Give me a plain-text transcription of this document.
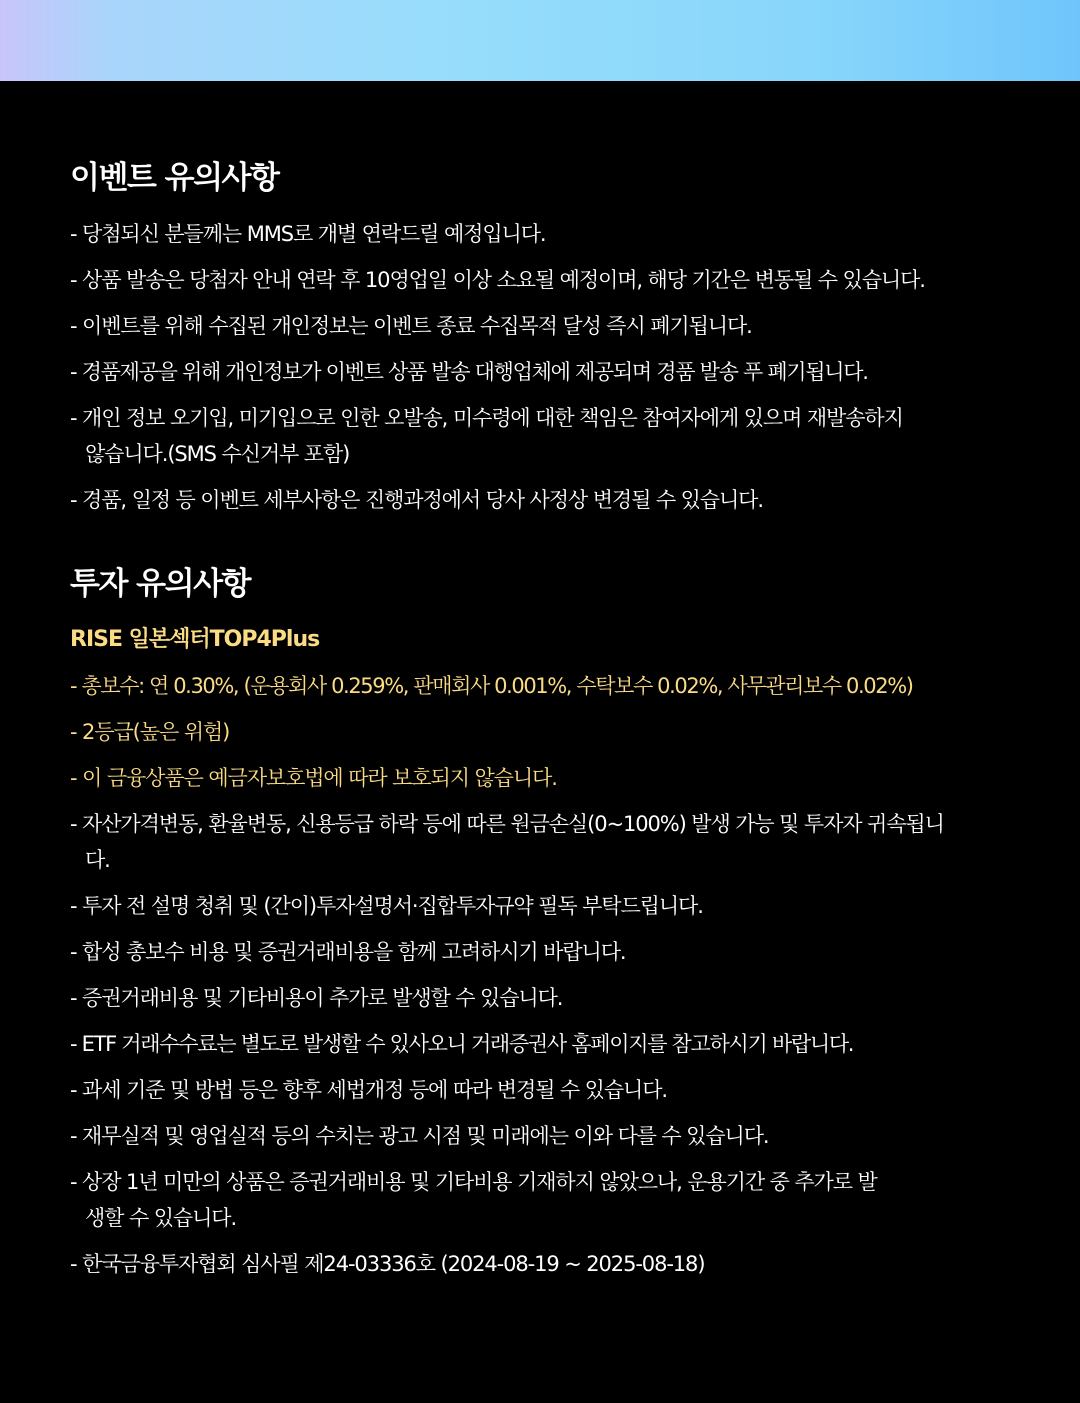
이벤트 유의사항
- 당첨되신 분들께는 MMS로 개별 연락드릴 예정입니다.
- 상품 발송은 당첨자 안내 연락 후 10영업일 이상 소요될 예정이며, 해당 기간은 변동될 수 있습니다.
- 이벤트를 위해 수집된 개인정보는 이벤트 종료 수집목적 달성 즉시 폐기됩니다.
- 경품제공을 위해 개인정보가 이벤트 상품 발송 대행업체에 제공되며 경품 발송 푸 폐기됩니다.
- 개인 정보 오기입, 미기입으로 인한 오발송, 미수령에 대한 책임은 참여자에게 있으며 재발송하지 않습니다.(SMS 수신거부 포함)
- 경품, 일정 등 이벤트 세부사항은 진행과정에서 당사 사정상 변경될 수 있습니다.
투자 유의사항
RISE 일본섹터TOP4Plus
- 총보수: 연 0.30%, (운용회사 0.259%, 판매회사 0.001%, 수탁보수 0.02%, 사무관리보수 0.02%)
- 2등급(높은 위험)
- 이 금융상품은 예금자보호법에 따라 보호되지 않습니다.
- 자산가격변동, 환율변동, 신용등급 하락 등에 따른 원금손실(0~100%) 발생 가능 및 투자자 귀속됩니다.
- 투자 전 설명 청취 및 (간이)투자설명서·집합투자규약 필독 부탁드립니다.
- 합성 총보수 비용 및 증권거래비용을 함께 고려하시기 바랍니다.
- 증권거래비용 및 기타비용이 추가로 발생할 수 있습니다.
- ETF 거래수수료는 별도로 발생할 수 있사오니 거래증권사 홈페이지를 참고하시기 바랍니다.
- 과세 기준 및 방법 등은 향후 세법개정 등에 따라 변경될 수 있습니다.
- 재무실적 및 영업실적 등의 수치는 광고 시점 및 미래에는 이와 다를 수 있습니다.
- 상장 1년 미만의 상품은 증권거래비용 및 기타비용 기재하지 않았으나, 운용기간 중 추가로 발생할 수 있습니다.
- 한국금융투자협회 심사필 제24-03336호 (2024-08-19 ~ 2025-08-18)
